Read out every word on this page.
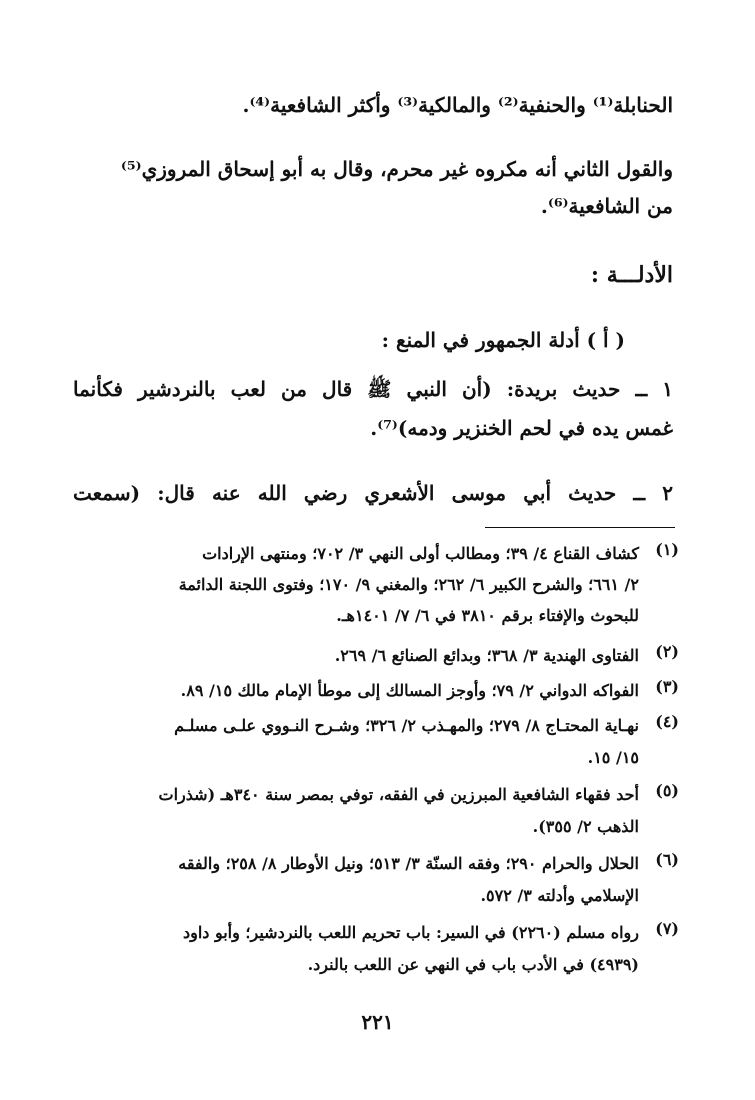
الحنابلة⁽¹⁾ والحنفية⁽²⁾ والمالكية⁽³⁾ وأكثر الشافعية⁽⁴⁾.
والقول الثاني أنه مكروه غير محرم، وقال به أبو إسحاق المروزي⁽⁵⁾
من الشافعية⁽⁶⁾.
الأدلـــة :
( أ ) أدلة الجمهور في المنع :
١ ــ حديث بريدة: (أن النبي ﷺ قال من لعب بالنردشير فكأنما
غمس يده في لحم الخنزير ودمه)⁽⁷⁾.
٢ ــ حديث أبي موسى الأشعري رضي الله عنه قال: (سمعت
(١)
كشاف القناع ٤/ ٣٩؛ ومطالب أولى النهي ٣/ ٧٠٢؛ ومنتهى الإرادات
٢/ ٦٦١؛ والشرح الكبير ٦/ ٢٦٢؛ والمغني ٩/ ١٧٠؛ وفتوى اللجنة الدائمة
للبحوث والإفتاء برقم ٣٨١٠ في ٦/ ٧/ ١٤٠١هـ.
(٢)
الفتاوى الهندية ٣/ ٣٦٨؛ وبدائع الصنائع ٦/ ٢٦٩.
(٣)
الفواكه الدواني ٢/ ٧٩؛ وأوجز المسالك إلى موطأ الإمام مالك ١٥/ ٨٩.
(٤)
نهـاية المحتـاج ٨/ ٢٧٩؛ والمهـذب ٢/ ٣٢٦؛ وشـرح النـووي علـى مسلـم
١٥/ ١٥.
(٥)
أحد فقهاء الشافعية المبرزين في الفقه، توفي بمصر سنة ٣٤٠هـ (شذرات
الذهب ٢/ ٣٥٥).
(٦)
الحلال والحرام ٢٩٠؛ وفقه السنّة ٣/ ٥١٣؛ ونيل الأوطار ٨/ ٢٥٨؛ والفقه
الإسلامي وأدلته ٣/ ٥٧٢.
(٧)
رواه مسلم (٢٢٦٠) في السير: باب تحريم اللعب بالنردشير؛ وأبو داود
(٤٩٣٩) في الأدب باب في النهي عن اللعب بالنرد.
٢٢١
